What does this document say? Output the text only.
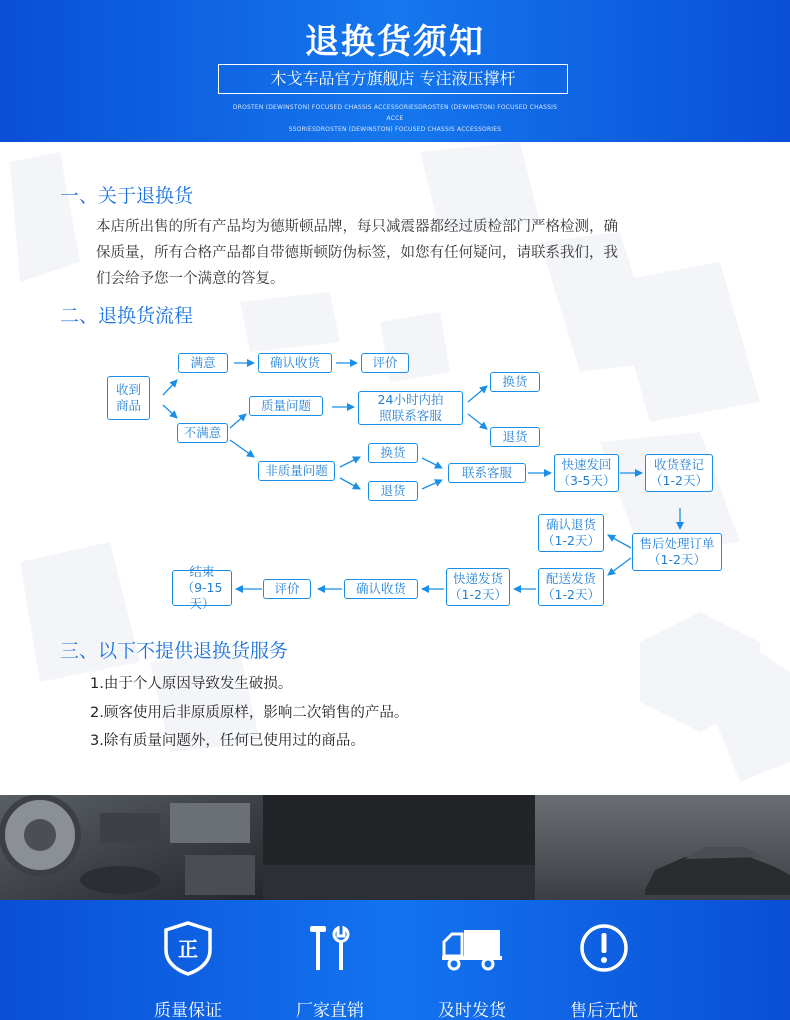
退换货须知
木戈车品官方旗舰店 专注液压撑杆
DROSTEN (DEWINSTON) FOCUSED CHASSIS ACCESSORIESDROSTEN (DEWINSTON) FOCUSED CHASSIS ACCE
SSORIESDROSTEN (DEWINSTON) FOCUSED CHASSIS ACCESSORIES
一、关于退换货
本店所出售的所有产品均为德斯顿品牌，每只减震器都经过质检部门严格检测，确
保质量，所有合格产品都自带德斯顿防伪标签，如您有任何疑问，请联系我们，我
们会给予您一个满意的答复。
二、退换货流程
收到
商品
满意	确认收货	评价
不满意
质量问题	24小时内拍
照联系客服
换货
退货
非质量问题
换货
退货
联系客服
快速发回
（3-5天）
收货登记
（1-2天）
售后处理订单
（1-2天）
确认退货
（1-2天）
配送发货
（1-2天）
快递发货
（1-2天）
确认收货
评价
结束
（9-15天）
三、以下不提供退换货服务
1.由于个人原因导致发生破损。
2.顾客使用后非原质原样，影响二次销售的产品。
3.除有质量问题外，任何已使用过的商品。
正
质量保证	厂家直销	及时发货	售后无忧
